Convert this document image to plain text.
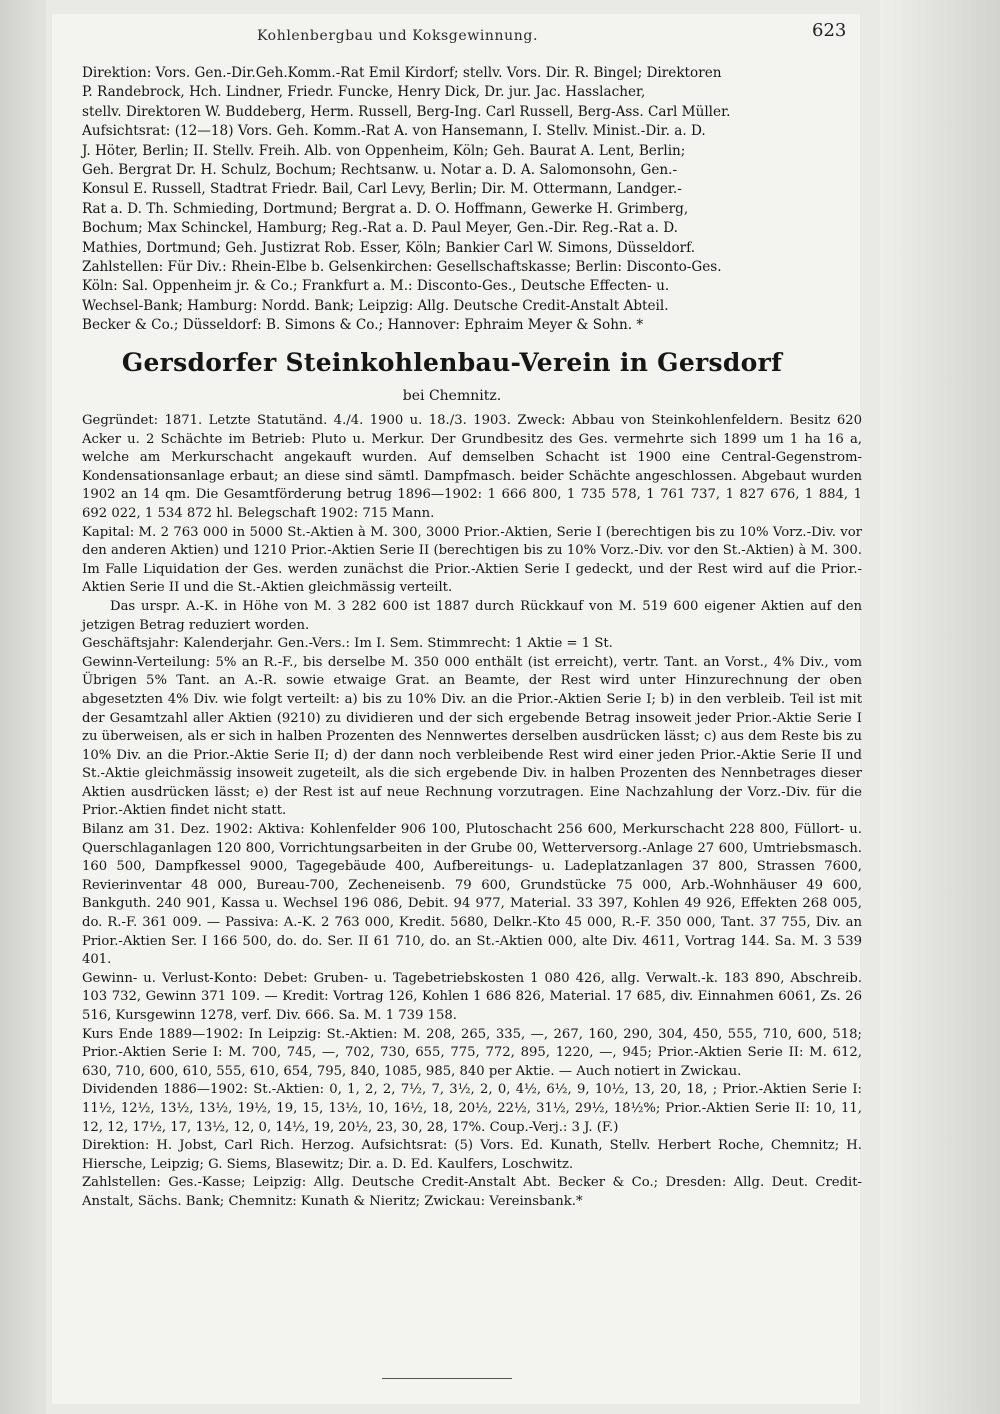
Kohlenbergbau und Koksgewinnung.	623

Direktion: Vors. Gen.-Dir.Geh.Komm.-Rat Emil Kirdorf; stellv. Vors. Dir. R. Bingel; Direktoren

P. Randebrock, Hch. Lindner, Friedr. Funcke, Henry Dick, Dr. jur. Jac. Hasslacher,

stellv. Direktoren W. Buddeberg, Herm. Russell, Berg-Ing. Carl Russell, Berg-Ass. Carl Müller.

Aufsichtsrat: (12—18) Vors. Geh. Komm.-Rat A. von Hansemann, I. Stellv. Minist.-Dir. a. D.

J. Höter, Berlin; II. Stellv. Freih. Alb. von Oppenheim, Köln; Geh. Baurat A. Lent, Berlin;

Geh. Bergrat Dr. H. Schulz, Bochum; Rechtsanw. u. Notar a. D. A. Salomonsohn, Gen.-

Konsul E. Russell, Stadtrat Friedr. Bail, Carl Levy, Berlin; Dir. M. Ottermann, Landger.-

Rat a. D. Th. Schmieding, Dortmund; Bergrat a. D. O. Hoffmann, Gewerke H. Grimberg,

Bochum; Max Schinckel, Hamburg; Reg.-Rat a. D. Paul Meyer, Gen.-Dir. Reg.-Rat a. D.

Mathies, Dortmund; Geh. Justizrat Rob. Esser, Köln; Bankier Carl W. Simons, Düsseldorf.

Zahlstellen: Für Div.: Rhein-Elbe b. Gelsenkirchen: Gesellschaftskasse; Berlin: Disconto-Ges.

Köln: Sal. Oppenheim jr. & Co.; Frankfurt a. M.: Disconto-Ges., Deutsche Effecten- u.

Wechsel-Bank; Hamburg: Nordd. Bank; Leipzig: Allg. Deutsche Credit-Anstalt Abteil.

Becker & Co.; Düsseldorf: B. Simons & Co.; Hannover: Ephraim Meyer & Sohn. *

Gersdorfer Steinkohlenbau-Verein in Gersdorf
bei Chemnitz.

Gegründet: 1871. Letzte Statutänd. 4./4. 1900 u. 18./3. 1903. Zweck: Abbau von Steinkohlenfeldern. Besitz 620 Acker u. 2 Schächte im Betrieb: Pluto u. Merkur. Der Grundbesitz des Ges. vermehrte sich 1899 um 1 ha 16 a, welche am Merkurschacht angekauft wurden. Auf demselben Schacht ist 1900 eine Central-Gegenstrom-Kondensationsanlage erbaut; an diese sind sämtl. Dampfmasch. beider Schächte angeschlossen. Abgebaut wurden 1902 an 14 qm. Die Gesamtförderung betrug 1896—1902: 1 666 800, 1 735 578, 1 761 737, 1 827 676, 1 884, 1 692 022, 1 534 872 hl. Belegschaft 1902: 715 Mann.

Kapital: M. 2 763 000 in 5000 St.-Aktien à M. 300, 3000 Prior.-Aktien, Serie I (berechtigen bis zu 10% Vorz.-Div. vor den anderen Aktien) und 1210 Prior.-Aktien Serie II (berechtigen bis zu 10% Vorz.-Div. vor den St.-Aktien) à M. 300. Im Falle Liquidation der Ges. werden zunächst die Prior.-Aktien Serie I gedeckt, und der Rest wird auf die Prior.-Aktien Serie II und die St.-Aktien gleichmässig verteilt.

Das urspr. A.-K. in Höhe von M. 3 282 600 ist 1887 durch Rückkauf von M. 519 600 eigener Aktien auf den jetzigen Betrag reduziert worden.

Geschäftsjahr: Kalenderjahr. Gen.-Vers.: Im I. Sem. Stimmrecht: 1 Aktie = 1 St.

Gewinn-Verteilung: 5% an R.-F., bis derselbe M. 350 000 enthält (ist erreicht), vertr. Tant. an Vorst., 4% Div., vom Übrigen 5% Tant. an A.-R. sowie etwaige Grat. an Beamte, der Rest wird unter Hinzurechnung der oben abgesetzten 4% Div. wie folgt verteilt: a) bis zu 10% Div. an die Prior.-Aktien Serie I; b) in den verbleib. Teil ist mit der Gesamtzahl aller Aktien (9210) zu dividieren und der sich ergebende Betrag insoweit jeder Prior.-Aktie Serie I zu überweisen, als er sich in halben Prozenten des Nennwertes derselben ausdrücken lässt; c) aus dem Reste bis zu 10% Div. an die Prior.-Aktie Serie II; d) der dann noch verbleibende Rest wird einer jeden Prior.-Aktie Serie II und St.-Aktie gleichmässig insoweit zugeteilt, als die sich ergebende Div. in halben Prozenten des Nennbetrages dieser Aktien ausdrücken lässt; e) der Rest ist auf neue Rechnung vorzutragen. Eine Nachzahlung der Vorz.-Div. für die Prior.-Aktien findet nicht statt.

Bilanz am 31. Dez. 1902: Aktiva: Kohlenfelder 906 100, Plutoschacht 256 600, Merkurschacht 228 800, Füllort- u. Querschlaganlagen 120 800, Vorrichtungsarbeiten in der Grube 00, Wetterversorg.-Anlage 27 600, Umtriebsmasch. 160 500, Dampfkessel 9000, Tagegebäude 400, Aufbereitungs- u. Ladeplatzanlagen 37 800, Strassen 7600, Revierinventar 48 000, Bureau-700, Zecheneisenb. 79 600, Grundstücke 75 000, Arb.-Wohnhäuser 49 600, Bankguth. 240 901, Kassa u. Wechsel 196 086, Debit. 94 977, Material. 33 397, Kohlen 49 926, Effekten 268 005, do. R.-F. 361 009. — Passiva: A.-K. 2 763 000, Kredit. 5680, Delkr.-Kto 45 000, R.-F. 350 000, Tant. 37 755, Div. an Prior.-Aktien Ser. I 166 500, do. do. Ser. II 61 710, do. an St.-Aktien 000, alte Div. 4611, Vortrag 144. Sa. M. 3 539 401.

Gewinn- u. Verlust-Konto: Debet: Gruben- u. Tagebetriebskosten 1 080 426, allg. Verwalt.-k. 183 890, Abschreib. 103 732, Gewinn 371 109. — Kredit: Vortrag 126, Kohlen 1 686 826, Material. 17 685, div. Einnahmen 6061, Zs. 26 516, Kursgewinn 1278, verf. Div. 666. Sa. M. 1 739 158.

Kurs Ende 1889—1902: In Leipzig: St.-Aktien: M. 208, 265, 335, —, 267, 160, 290, 304, 450, 555, 710, 600, 518; Prior.-Aktien Serie I: M. 700, 745, —, 702, 730, 655, 775, 772, 895, 1220, —, 945; Prior.-Aktien Serie II: M. 612, 630, 710, 600, 610, 555, 610, 654, 795, 840, 1085, 985, 840 per Aktie. — Auch notiert in Zwickau.

Dividenden 1886—1902: St.-Aktien: 0, 1, 2, 2, 7½, 7, 3½, 2, 0, 4½, 6½, 9, 10½, 13, 20, 18, ; Prior.-Aktien Serie I: 11½, 12½, 13½, 13½, 19½, 19, 15, 13½, 10, 16½, 18, 20½, 22½, 31½, 29½, 18½%; Prior.-Aktien Serie II: 10, 11, 12, 12, 17½, 17, 13½, 12, 0, 14½, 19, 20½, 23, 30, 28, 17%. Coup.-Verj.: 3 J. (F.)

Direktion: H. Jobst, Carl Rich. Herzog. Aufsichtsrat: (5) Vors. Ed. Kunath, Stellv. Herbert Roche, Chemnitz; H. Hiersche, Leipzig; G. Siems, Blasewitz; Dir. a. D. Ed. Kaulfers, Loschwitz.

Zahlstellen: Ges.-Kasse; Leipzig: Allg. Deutsche Credit-Anstalt Abt. Becker & Co.; Dresden: Allg. Deut. Credit-Anstalt, Sächs. Bank; Chemnitz: Kunath & Nieritz; Zwickau: Vereinsbank.*
